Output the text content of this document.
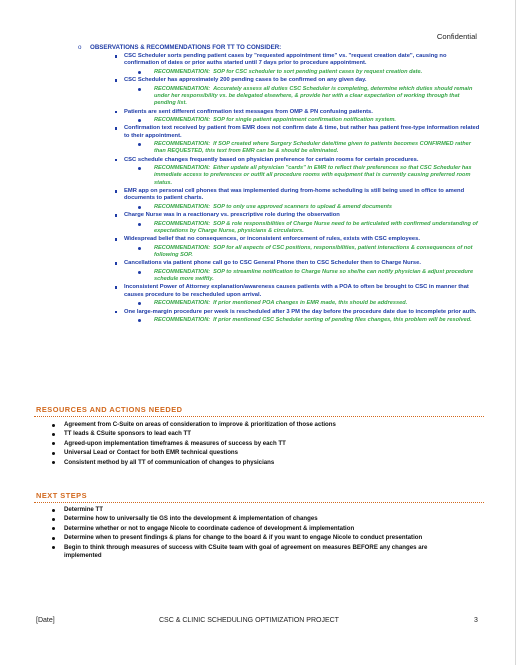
Confidential
o OBSERVATIONS & RECOMMENDATIONS FOR TT TO CONSIDER:
CSC Scheduler sorts pending patient cases by "requested appointment time" vs. "request creation date", causing no confirmation of dates or prior auths started until 7 days prior to procedure appointment.
RECOMMENDATION: SOP for CSC scheduler to sort pending patient cases by request creation date.
CSC Scheduler has approximately 200 pending cases to be confirmed on any given day.
RECOMMENDATION: Accurately assess all duties CSC Scheduler is completing, determine which duties should remain under her responsibility vs. be delegated elsewhere, & provide her with a clear expectation of working through that pending list.
Patients are sent different confirmation text messages from OMP & PN confusing patients.
RECOMMENDATION: SOP for single patient appointment confirmation notification system.
Confirmation text received by patient from EMR does not confirm date & time, but rather has patient free-type information related to their appointment.
RECOMMENDATION: If SOP created where Surgery Scheduler date/time given to patients becomes CONFIRMED rather than REQUESTED, this text from EMR can be & should be eliminated.
CSC schedule changes frequently based on physician preference for certain rooms for certain procedures.
RECOMMENDATION: Either update all physician "cards" in EMR to reflect their preferences so that CSC Scheduler has immediate access to preferences or outfit all procedure rooms with equipment that is currently causing preferred room status.
EMR app on personal cell phones that was implemented during from-home scheduling is still being used in office to amend documents to patient charts.
RECOMMENDATION: SOP to only use approved scanners to upload & amend documents
Charge Nurse was in a reactionary vs. prescriptive role during the observation
RECOMMENDATION: SOP & role responsibilities of Charge Nurse need to be articulated with confirmed understanding of expectations by Charge Nurse, physicians & circulators.
Widespread belief that no consequences, or inconsistent enforcement of rules, exists with CSC employees.
RECOMMENDATION: SOP for all aspects of CSC positions, responsibilities, patient interactions & consequences of not following SOP.
Cancellations via patient phone call go to CSC General Phone then to CSC Scheduler then to Charge Nurse.
RECOMMENDATION: SOP to streamline notification to Charge Nurse so she/he can notify physician & adjust procedure schedule more swiftly.
Inconsistent Power of Attorney explanation/awareness causes patients with a POA to often be brought to CSC in manner that causes procedure to be rescheduled upon arrival.
RECOMMENDATION: If prior mentioned POA changes in EMR made, this should be addressed.
One large-margin procedure per week is rescheduled after 3 PM the day before the procedure date due to incomplete prior auth.
RECOMMENDATION: If prior mentioned CSC Scheduler sorting of pending files changes, this problem will be resolved.
RESOURCES AND ACTIONS NEEDED
Agreement from C-Suite on areas of consideration to improve & prioritization of those actions
TT leads & CSuite sponsors to lead each TT
Agreed-upon implementation timeframes & measures of success by each TT
Universal Lead or Contact for both EMR technical questions
Consistent method by all TT of communication of changes to physicians
NEXT STEPS
Determine TT
Determine how to universally tie GS into the development & implementation of changes
Determine whether or not to engage Nicole to coordinate cadence of development & implementation
Determine when to present findings & plans for change to the board & if you want to engage Nicole to conduct presentation
Begin to think through measures of success with CSuite team with goal of agreement on measures BEFORE any changes are implemented
[Date]	CSC & CLINIC SCHEDULING OPTIMIZATION PROJECT	3
